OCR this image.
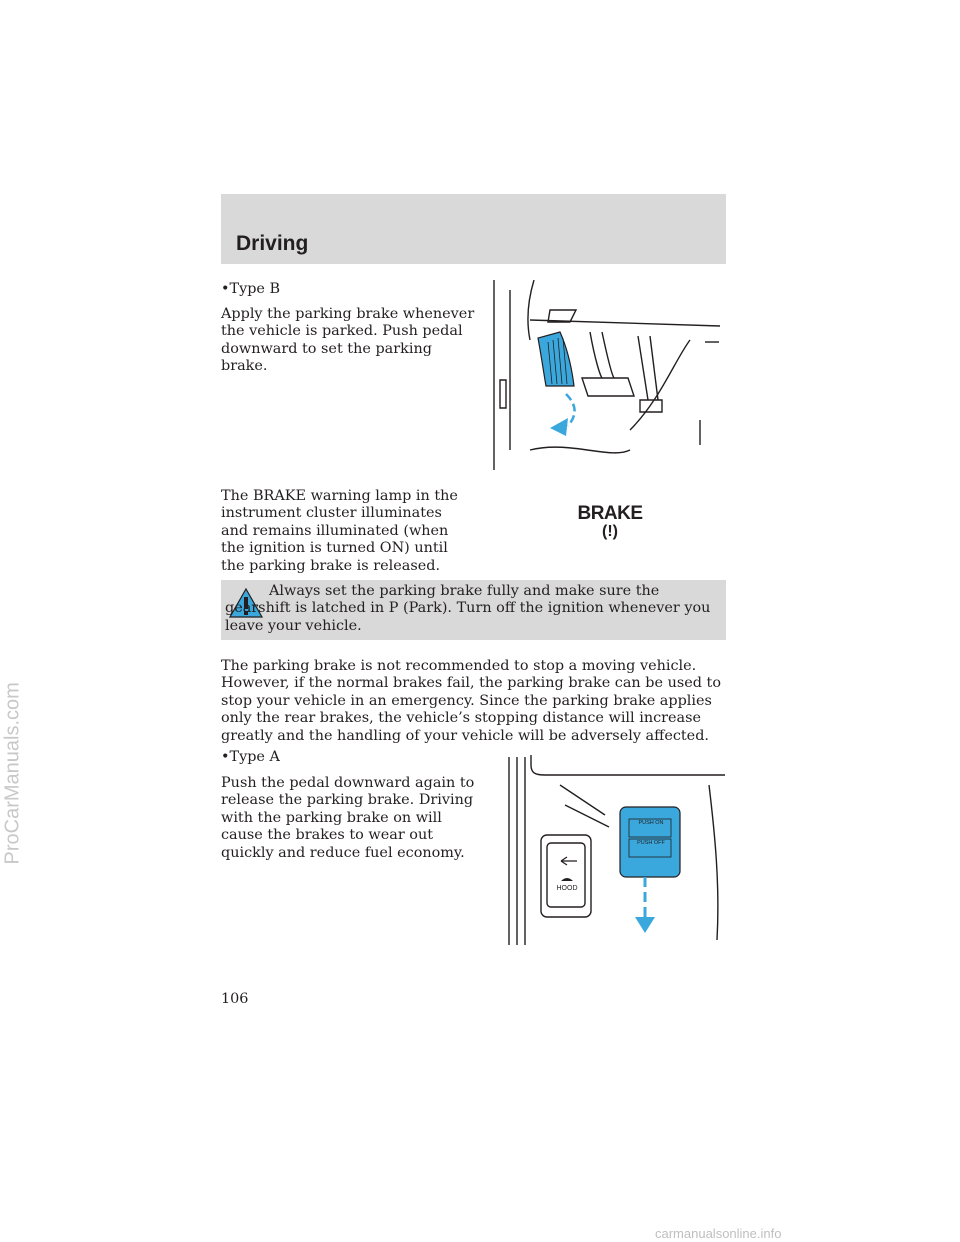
Driving

•Type B

Apply the parking brake whenever the vehicle is parked. Push pedal downward to set the parking brake.

The BRAKE warning lamp in the instrument cluster illuminates and remains illuminated (when the ignition is turned ON) until the parking brake is released.

BRAKE
(!)

Always set the parking brake fully and make sure the gearshift is latched in P (Park). Turn off the ignition whenever you leave your vehicle.

The parking brake is not recommended to stop a moving vehicle. However, if the normal brakes fail, the parking brake can be used to stop your vehicle in an emergency. Since the parking brake applies only the rear brakes, the vehicle’s stopping distance will increase greatly and the handling of your vehicle will be adversely affected.

•Type A

Push the pedal downward again to release the parking brake. Driving with the parking brake on will cause the brakes to wear out quickly and reduce fuel economy.

PUSH ON
PUSH OFF
HOOD

106

ProCarManuals.com
carmanualsonline.info
